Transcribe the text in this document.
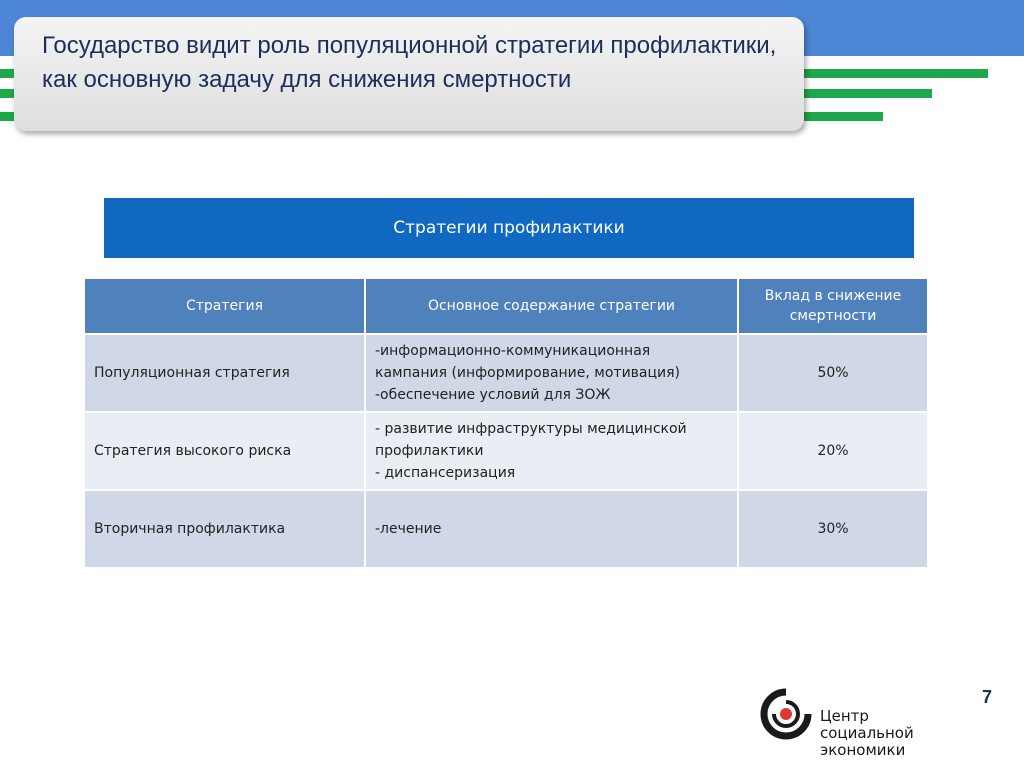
Государство видит роль популяционной стратегии профилактики, как основную задачу для снижения смертности
Стратегии профилактики
Стратегия	Основное содержание стратегии	Вклад в снижение смертности
Популяционная стратегия	-информационно-коммуникационная
кампания (информирование, мотивация)
-обеспечение условий для ЗОЖ	50%
Стратегия высокого риска	- развитие инфраструктуры медицинской
профилактики
- диспансеризация	20%
Вторичная профилактика	-лечение	30%
7
Центр
социальной
экономики
